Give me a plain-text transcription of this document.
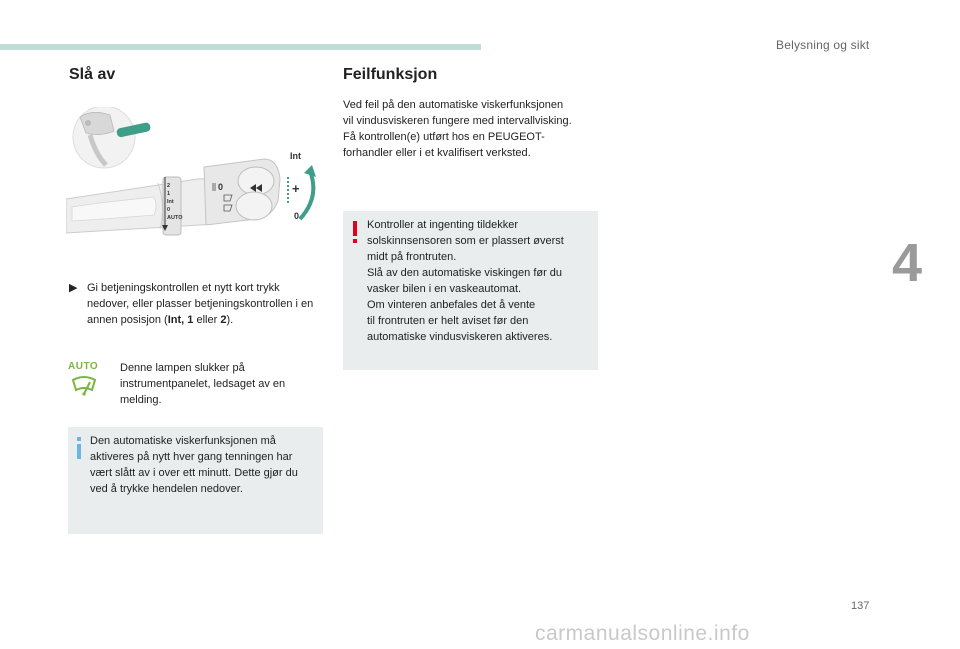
Belysning og sikt
4
Slå av	Feilfunksjon
2
1
Int
0
AUTO
0
Int
+
0
▶ Gi betjeningskontrollen et nytt kort trykk nedover, eller plasser betjeningskontrollen i en annen posisjon (Int, 1 eller 2).
AUTO Denne lampen slukker på
instrumentpanelet, ledsaget av en
melding.

Den automatiske viskerfunksjonen må

aktiveres på nytt hver gang tenningen har

vært slått av i over ett minutt. Dette gjør du

ved å trykke hendelen nedover.

Ved feil på den automatiske viskerfunksjonen

vil vindusviskeren fungere med intervallvisking.

Få kontrollen(e) utført hos en PEUGEOT-

forhandler eller i et kvalifisert verksted.

Kontroller at ingenting tildekker

solskinnsensoren som er plassert øverst

midt på frontruten.

Slå av den automatiske viskingen før du

vasker bilen i en vaskeautomat.

Om vinteren anbefales det å vente

til frontruten er helt aviset før den

automatiske vindusviskeren aktiveres.

137
carmanualsonline.info
